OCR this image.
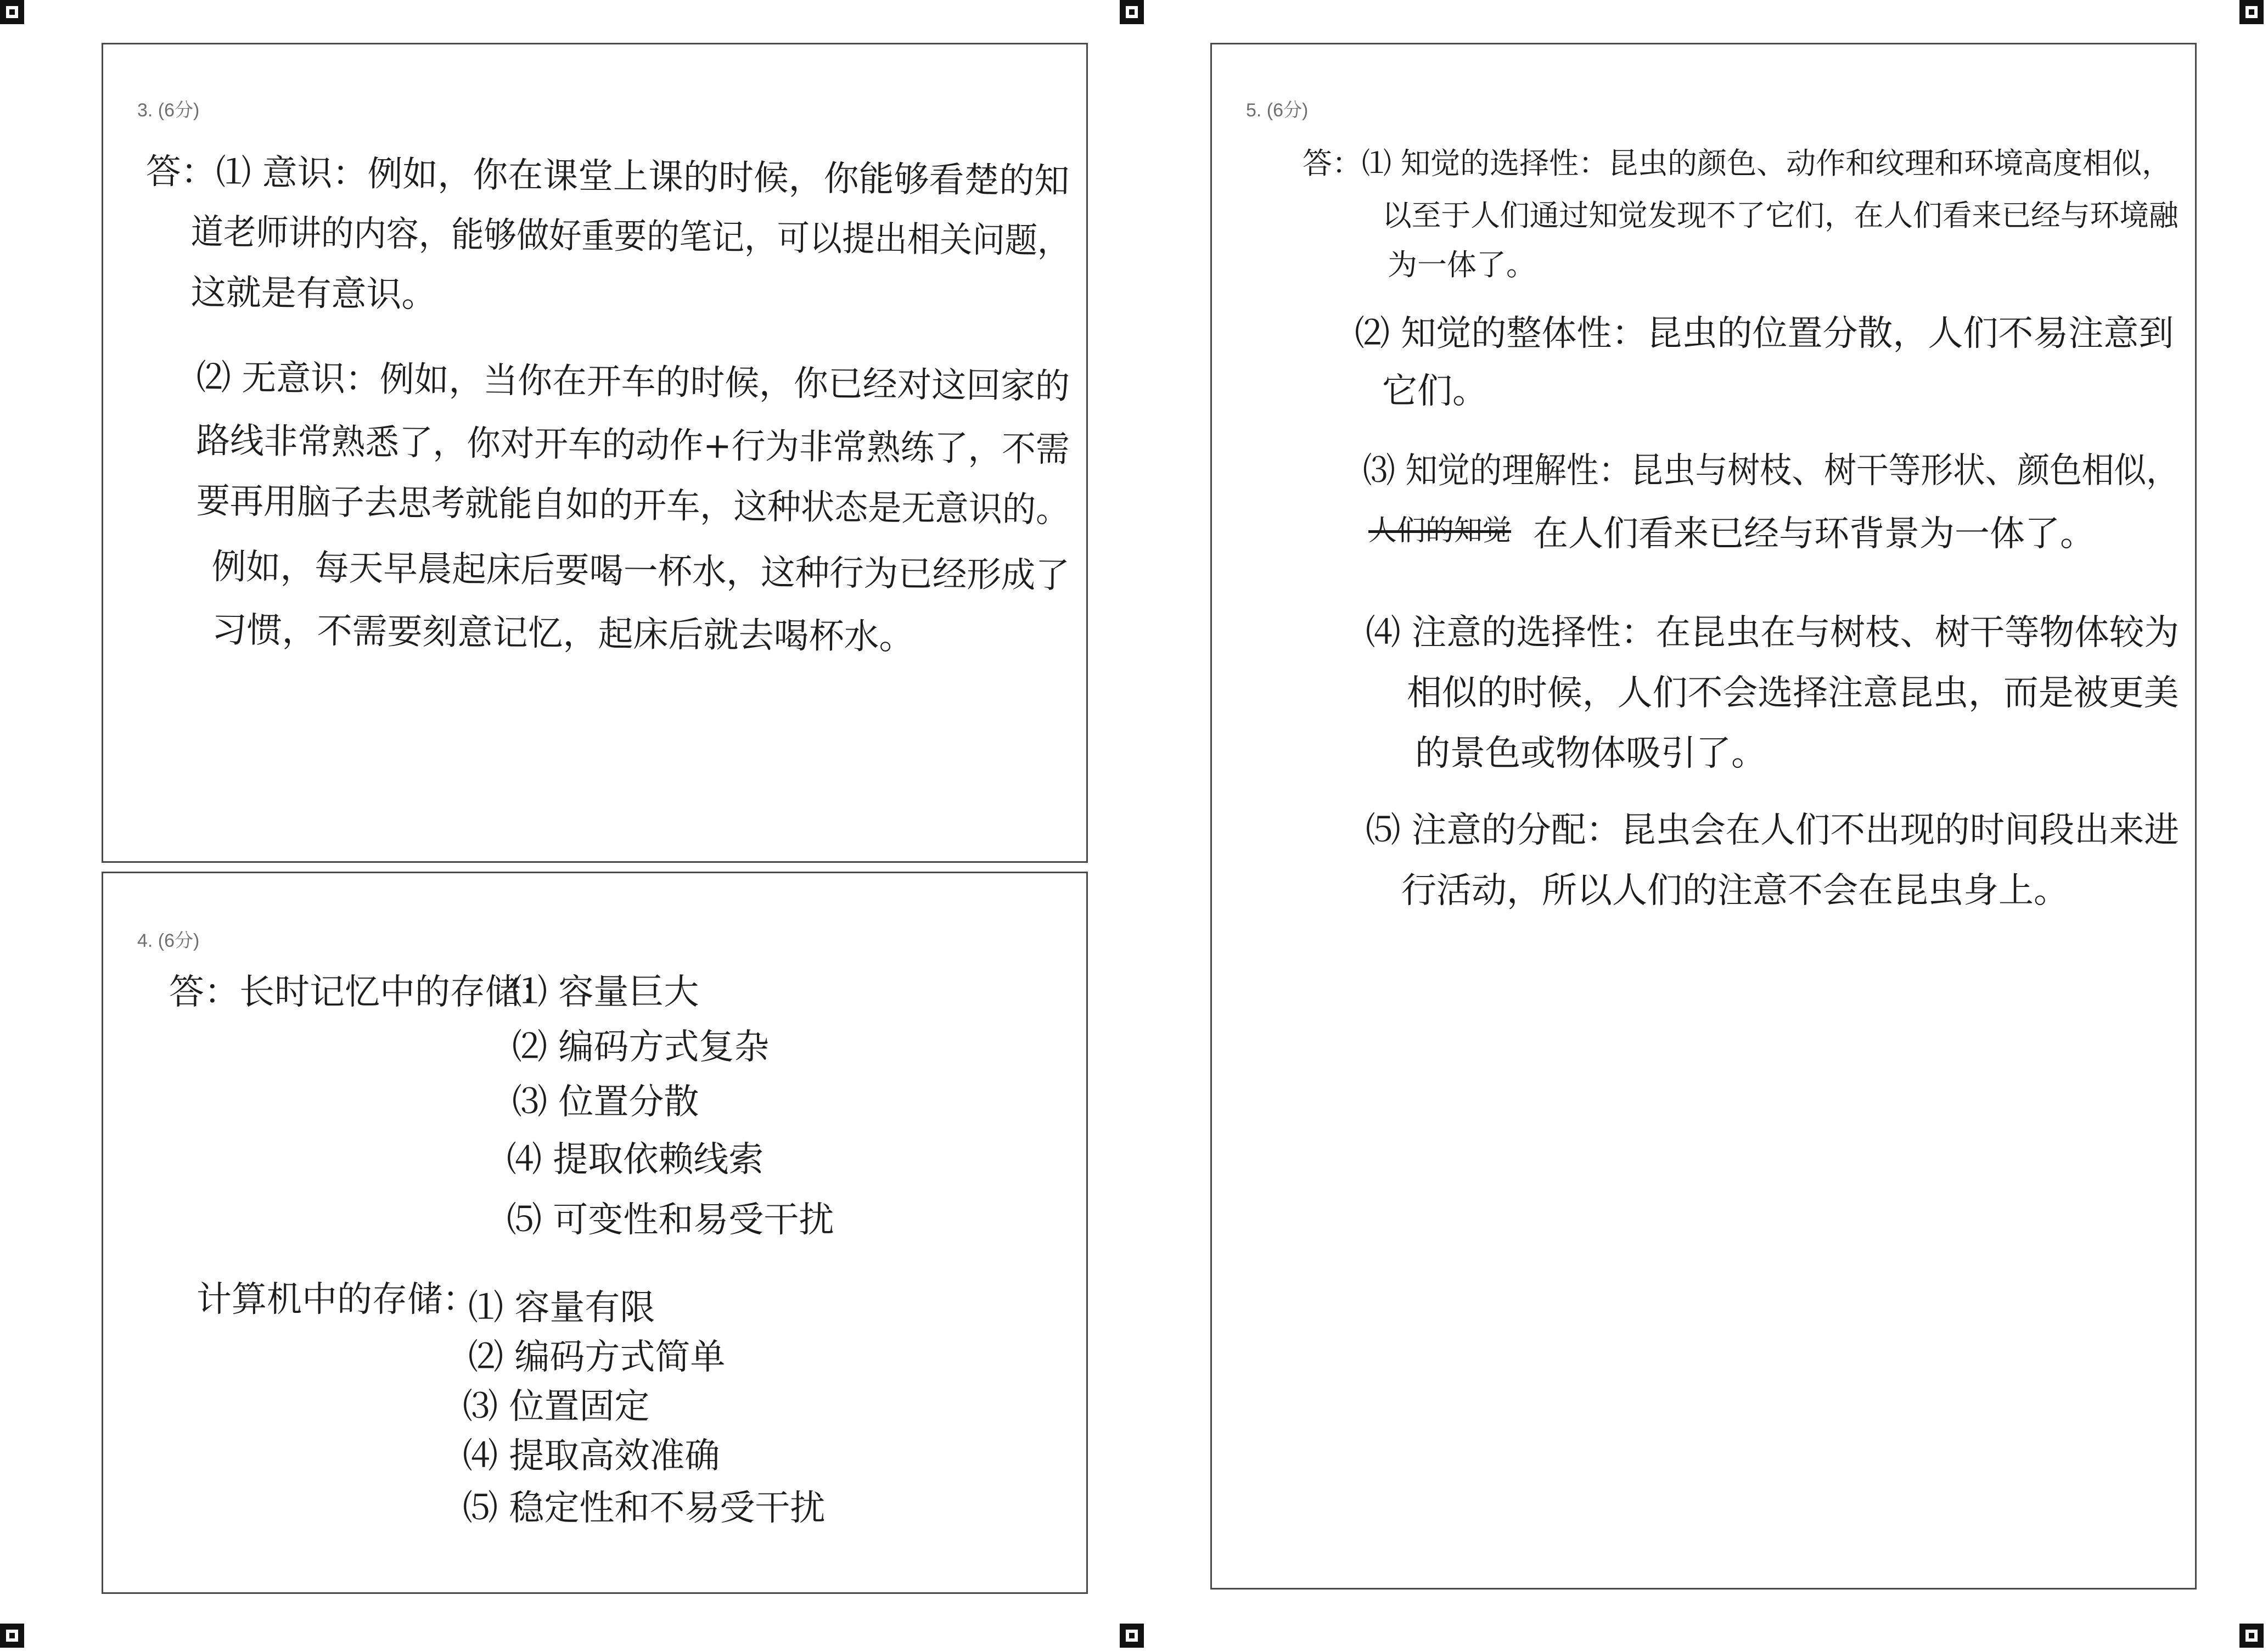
3. (6分)
答：⑴ 意识：例如，你在课堂上课的时候，你能够看楚的知
道老师讲的内容，能够做好重要的笔记，可以提出相关问题，
这就是有意识。
⑵ 无意识：例如，当你在开车的时候，你已经对这回家的
路线非常熟悉了，你对开车的动作+行为非常熟练了，不需
要再用脑子去思考就能自如的开车，这种状态是无意识的。
例如，每天早晨起床后要喝一杯水，这种行为已经形成了
习惯，不需要刻意记忆，起床后就去喝杯水。
4. (6分)
答：长时记忆中的存储：
⑴ 容量巨大
⑵ 编码方式复杂
⑶ 位置分散
⑷ 提取依赖线索
⑸ 可变性和易受干扰
计算机中的存储：
⑴ 容量有限
⑵ 编码方式简单
⑶ 位置固定
⑷ 提取高效准确
⑸ 稳定性和不易受干扰
5. (6分)
答：⑴ 知觉的选择性：昆虫的颜色、动作和纹理和环境高度相似，
以至于人们通过知觉发现不了它们，在人们看来已经与环境融
为一体了。
⑵ 知觉的整体性：昆虫的位置分散，人们不易注意到
它们。
⑶ 知觉的理解性：昆虫与树枝、树干等形状、颜色相似，
人们的知觉 在人们看来已经与环背景为一体了。
⑷ 注意的选择性：在昆虫在与树枝、树干等物体较为
相似的时候，人们不会选择注意昆虫，而是被更美
的景色或物体吸引了。
⑸ 注意的分配：昆虫会在人们不出现的时间段出来进
行活动，所以人们的注意不会在昆虫身上。
